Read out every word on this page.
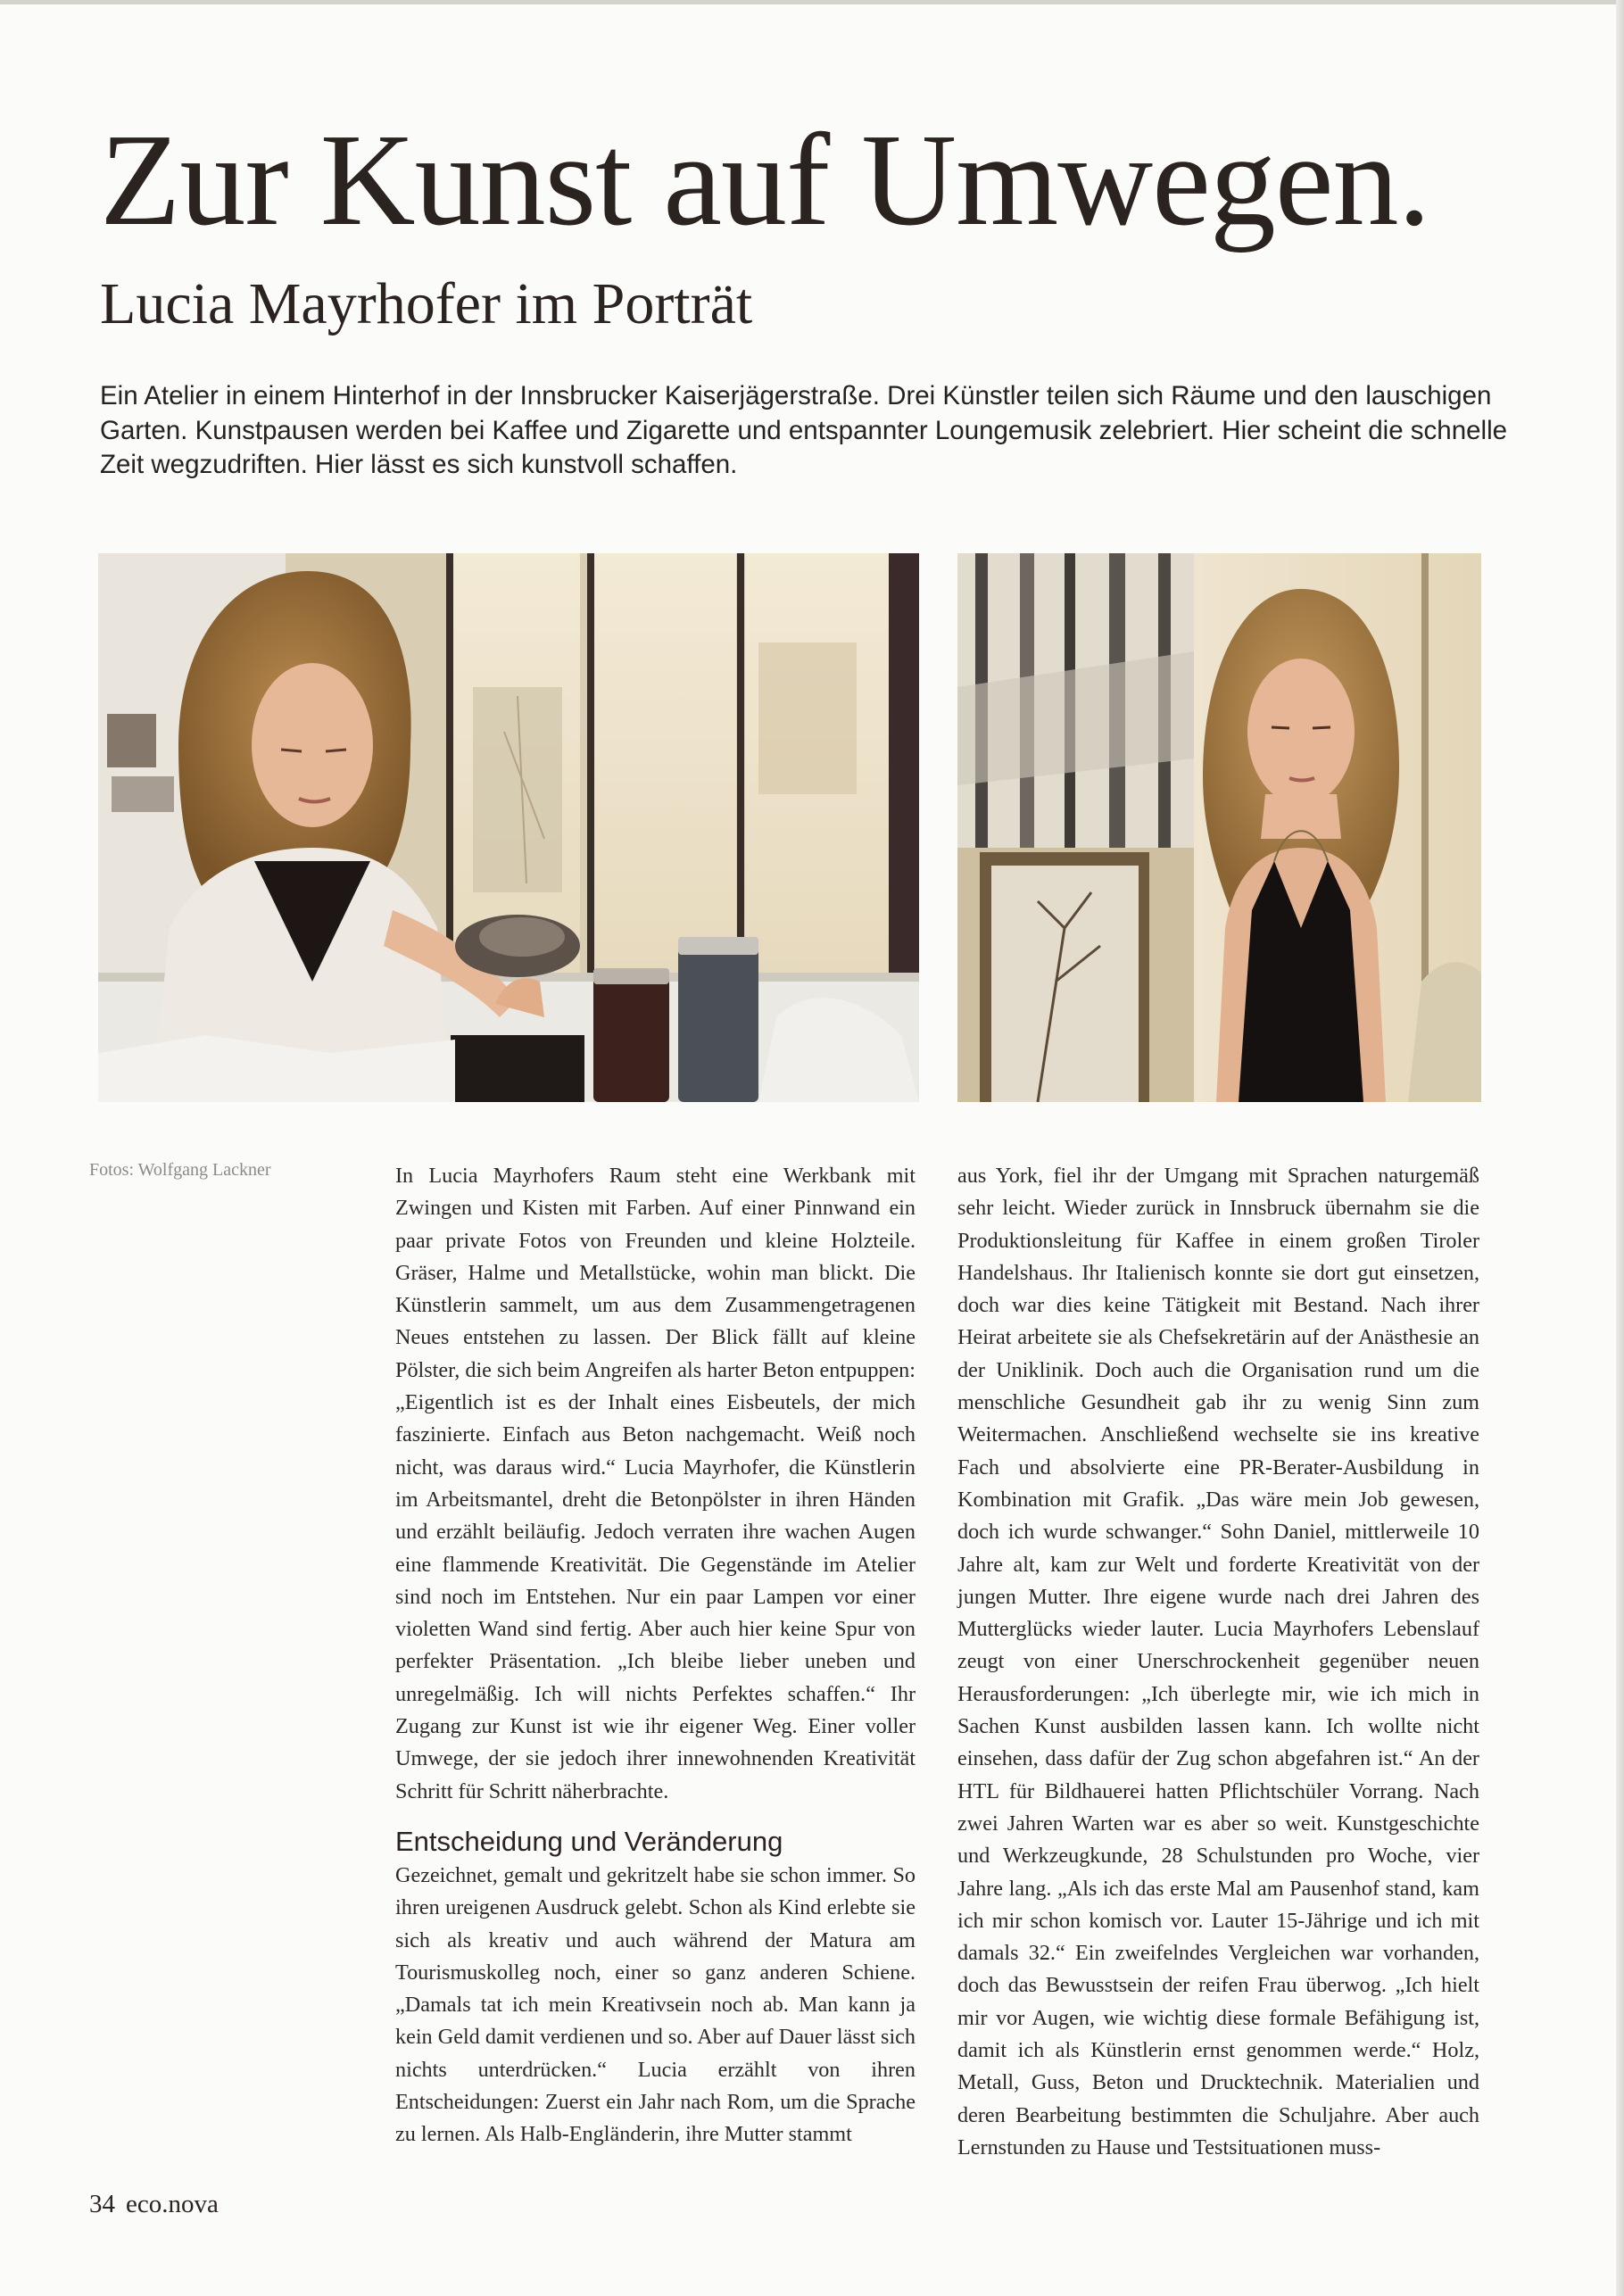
Zur Kunst auf Umwegen.
Lucia Mayrhofer im Porträt

Ein Atelier in einem Hinterhof in der Innsbrucker Kaiserjägerstraße. Drei Künstler teilen sich Räume und den lauschigen Garten. Kunstpausen werden bei Kaffee und Zigarette und entspannter Loungemusik zelebriert. Hier scheint die schnelle Zeit wegzudriften. Hier lässt es sich kunstvoll schaffen.

Fotos: Wolfgang Lackner	In Lucia Mayrhofers Raum steht eine Werkbank mit Zwingen und Kisten mit Farben. Auf einer Pinnwand ein paar private Fotos von Freunden und kleine Holzteile. Gräser, Halme und Metallstücke, wohin man blickt. Die Künstlerin sammelt, um aus dem Zusammengetragenen Neues entstehen zu lassen. Der Blick fällt auf kleine Pölster, die sich beim Angreifen als harter Beton entpuppen: „Eigentlich ist es der Inhalt eines Eisbeutels, der mich faszinierte. Einfach aus Beton nachgemacht. Weiß noch nicht, was daraus wird.“ Lucia Mayrhofer, die Künstlerin im Arbeitsmantel, dreht die Betonpölster in ihren Händen und erzählt beiläufig. Jedoch verraten ihre wachen Augen eine flammende Kreativität. Die Gegenstände im Atelier sind noch im Entstehen. Nur ein paar Lampen vor einer violetten Wand sind fertig. Aber auch hier keine Spur von perfekter Präsentation. „Ich bleibe lieber uneben und unregelmäßig. Ich will nichts Perfektes schaffen.“ Ihr Zugang zur Kunst ist wie ihr eigener Weg. Einer voller Umwege, der sie jedoch ihrer innewohnenden Kreativität Schritt für Schritt näherbrachte.

Entscheidung und Veränderung

Gezeichnet, gemalt und gekritzelt habe sie schon immer. So ihren ureigenen Ausdruck gelebt. Schon als Kind erlebte sie sich als kreativ und auch während der Matura am Tourismuskolleg noch, einer so ganz anderen Schiene. „Damals tat ich mein Kreativsein noch ab. Man kann ja kein Geld damit verdienen und so. Aber auf Dauer lässt sich nichts unterdrücken.“ Lucia erzählt von ihren Entscheidungen: Zuerst ein Jahr nach Rom, um die Sprache zu lernen. Als Halb-Engländerin, ihre Mutter stammt

aus York, fiel ihr der Umgang mit Sprachen naturgemäß sehr leicht. Wieder zurück in Innsbruck übernahm sie die Produktionsleitung für Kaffee in einem großen Tiroler Handelshaus. Ihr Italienisch konnte sie dort gut einsetzen, doch war dies keine Tätigkeit mit Bestand. Nach ihrer Heirat arbeitete sie als Chefsekretärin auf der Anästhesie an der Uniklinik. Doch auch die Organisation rund um die menschliche Gesundheit gab ihr zu wenig Sinn zum Weitermachen. Anschließend wechselte sie ins kreative Fach und absolvierte eine PR-Berater-Ausbildung in Kombination mit Grafik. „Das wäre mein Job gewesen, doch ich wurde schwanger.“ Sohn Daniel, mittlerweile 10 Jahre alt, kam zur Welt und forderte Kreativität von der jungen Mutter. Ihre eigene wurde nach drei Jahren des Mutterglücks wieder lauter. Lucia Mayrhofers Lebenslauf zeugt von einer Unerschrockenheit gegenüber neuen Herausforderungen: „Ich überlegte mir, wie ich mich in Sachen Kunst ausbilden lassen kann. Ich wollte nicht einsehen, dass dafür der Zug schon abgefahren ist.“ An der HTL für Bildhauerei hatten Pflichtschüler Vorrang. Nach zwei Jahren Warten war es aber so weit. Kunstgeschichte und Werkzeugkunde, 28 Schulstunden pro Woche, vier Jahre lang. „Als ich das erste Mal am Pausenhof stand, kam ich mir schon komisch vor. Lauter 15-Jährige und ich mit damals 32.“ Ein zweifelndes Vergleichen war vorhanden, doch das Bewusstsein der reifen Frau überwog. „Ich hielt mir vor Augen, wie wichtig diese formale Befähigung ist, damit ich als Künstlerin ernst genommen werde.“ Holz, Metall, Guss, Beton und Drucktechnik. Materialien und deren Bearbeitung bestimmten die Schuljahre. Aber auch Lernstunden zu Hause und Testsituationen muss-

34 eco.nova
